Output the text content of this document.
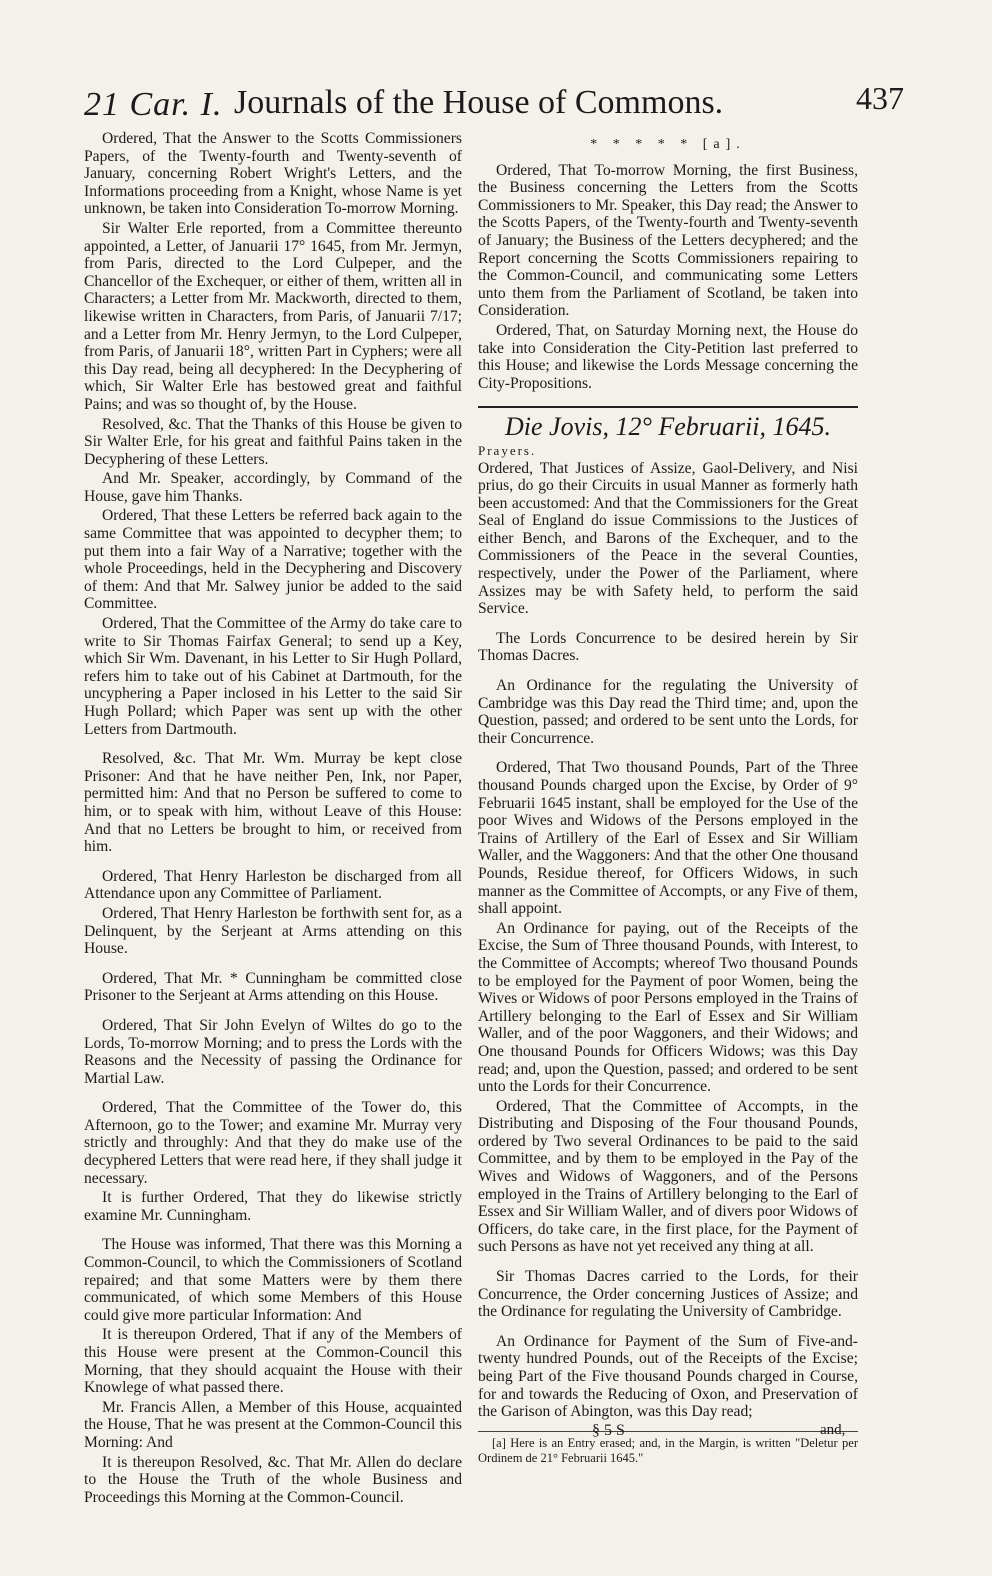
21 Car. I. Journals of the House of Commons.	437

Ordered, That the Answer to the Scotts Commissioners Papers, of the Twenty-fourth and Twenty-seventh of January, concerning Robert Wright's Letters, and the Informations proceeding from a Knight, whose Name is yet unknown, be taken into Consideration To-morrow Morning.

Sir Walter Erle reported, from a Committee thereunto appointed, a Letter, of Januarii 17° 1645, from Mr. Jermyn, from Paris, directed to the Lord Culpeper, and the Chancellor of the Exchequer, or either of them, written all in Characters; a Letter from Mr. Mackworth, directed to them, likewise written in Characters, from Paris, of Januarii 7/17; and a Letter from Mr. Henry Jermyn, to the Lord Culpeper, from Paris, of Januarii 18°, written Part in Cyphers; were all this Day read, being all decyphered: In the Decyphering of which, Sir Walter Erle has bestowed great and faithful Pains; and was so thought of, by the House.

Resolved, &c. That the Thanks of this House be given to Sir Walter Erle, for his great and faithful Pains taken in the Decyphering of these Letters.

And Mr. Speaker, accordingly, by Command of the House, gave him Thanks.

Ordered, That these Letters be referred back again to the same Committee that was appointed to decypher them; to put them into a fair Way of a Narrative; together with the whole Proceedings, held in the Decyphering and Discovery of them: And that Mr. Salwey junior be added to the said Committee.

Ordered, That the Committee of the Army do take care to write to Sir Thomas Fairfax General; to send up a Key, which Sir Wm. Davenant, in his Letter to Sir Hugh Pollard, refers him to take out of his Cabinet at Dartmouth, for the uncyphering a Paper inclosed in his Letter to the said Sir Hugh Pollard; which Paper was sent up with the other Letters from Dartmouth.

Resolved, &c. That Mr. Wm. Murray be kept close Prisoner: And that he have neither Pen, Ink, nor Paper, permitted him: And that no Person be suffered to come to him, or to speak with him, without Leave of this House: And that no Letters be brought to him, or received from him.

Ordered, That Henry Harleston be discharged from all Attendance upon any Committee of Parliament.

Ordered, That Henry Harleston be forthwith sent for, as a Delinquent, by the Serjeant at Arms attending on this House.

Ordered, That Mr. * Cunningham be committed close Prisoner to the Serjeant at Arms attending on this House.

Ordered, That Sir John Evelyn of Wiltes do go to the Lords, To-morrow Morning; and to press the Lords with the Reasons and the Necessity of passing the Ordinance for Martial Law.

Ordered, That the Committee of the Tower do, this Afternoon, go to the Tower; and examine Mr. Murray very strictly and throughly: And that they do make use of the decyphered Letters that were read here, if they shall judge it necessary.

It is further Ordered, That they do likewise strictly examine Mr. Cunningham.

The House was informed, That there was this Morning a Common-Council, to which the Commissioners of Scotland repaired; and that some Matters were by them there communicated, of which some Members of this House could give more particular Information: And

It is thereupon Ordered, That if any of the Members of this House were present at the Common-Council this Morning, that they should acquaint the House with their Knowlege of what passed there.

Mr. Francis Allen, a Member of this House, acquainted the House, That he was present at the Common-Council this Morning: And

It is thereupon Resolved, &c. That Mr. Allen do declare to the House the Truth of the whole Business and Proceedings this Morning at the Common-Council.

* * * * * [a].

Ordered, That To-morrow Morning, the first Business, the Business concerning the Letters from the Scotts Commissioners to Mr. Speaker, this Day read; the Answer to the Scotts Papers, of the Twenty-fourth and Twenty-seventh of January; the Business of the Letters decyphered; and the Report concerning the Scotts Commissioners repairing to the Common-Council, and communicating some Letters unto them from the Parliament of Scotland, be taken into Consideration.

Ordered, That, on Saturday Morning next, the House do take into Consideration the City-Petition last preferred to this House; and likewise the Lords Message concerning the City-Propositions.

Die Jovis, 12° Februarii, 1645.

Prayers.

Ordered, That Justices of Assize, Gaol-Delivery, and Nisi prius, do go their Circuits in usual Manner as formerly hath been accustomed: And that the Commissioners for the Great Seal of England do issue Commissions to the Justices of either Bench, and Barons of the Exchequer, and to the Commissioners of the Peace in the several Counties, respectively, under the Power of the Parliament, where Assizes may be with Safety held, to perform the said Service.

The Lords Concurrence to be desired herein by Sir Thomas Dacres.

An Ordinance for the regulating the University of Cambridge was this Day read the Third time; and, upon the Question, passed; and ordered to be sent unto the Lords, for their Concurrence.

Ordered, That Two thousand Pounds, Part of the Three thousand Pounds charged upon the Excise, by Order of 9° Februarii 1645 instant, shall be employed for the Use of the poor Wives and Widows of the Persons employed in the Trains of Artillery of the Earl of Essex and Sir William Waller, and the Waggoners: And that the other One thousand Pounds, Residue thereof, for Officers Widows, in such manner as the Committee of Accompts, or any Five of them, shall appoint.

An Ordinance for paying, out of the Receipts of the Excise, the Sum of Three thousand Pounds, with Interest, to the Committee of Accompts; whereof Two thousand Pounds to be employed for the Payment of poor Women, being the Wives or Widows of poor Persons employed in the Trains of Artillery belonging to the Earl of Essex and Sir William Waller, and of the poor Waggoners, and their Widows; and One thousand Pounds for Officers Widows; was this Day read; and, upon the Question, passed; and ordered to be sent unto the Lords for their Concurrence.

Ordered, That the Committee of Accompts, in the Distributing and Disposing of the Four thousand Pounds, ordered by Two several Ordinances to be paid to the said Committee, and by them to be employed in the Pay of the Wives and Widows of Waggoners, and of the Persons employed in the Trains of Artillery belonging to the Earl of Essex and Sir William Waller, and of divers poor Widows of Officers, do take care, in the first place, for the Payment of such Persons as have not yet received any thing at all.

Sir Thomas Dacres carried to the Lords, for their Concurrence, the Order concerning Justices of Assize; and the Ordinance for regulating the University of Cambridge.

An Ordinance for Payment of the Sum of Five-and-twenty hundred Pounds, out of the Receipts of the Excise; being Part of the Five thousand Pounds charged in Course, for and towards the Reducing of Oxon, and Preservation of the Garison of Abington, was this Day read;

[a] Here is an Entry erased; and, in the Margin, is written "Deletur per Ordinem de 21° Februarii 1645."
§ 5 S	and,
